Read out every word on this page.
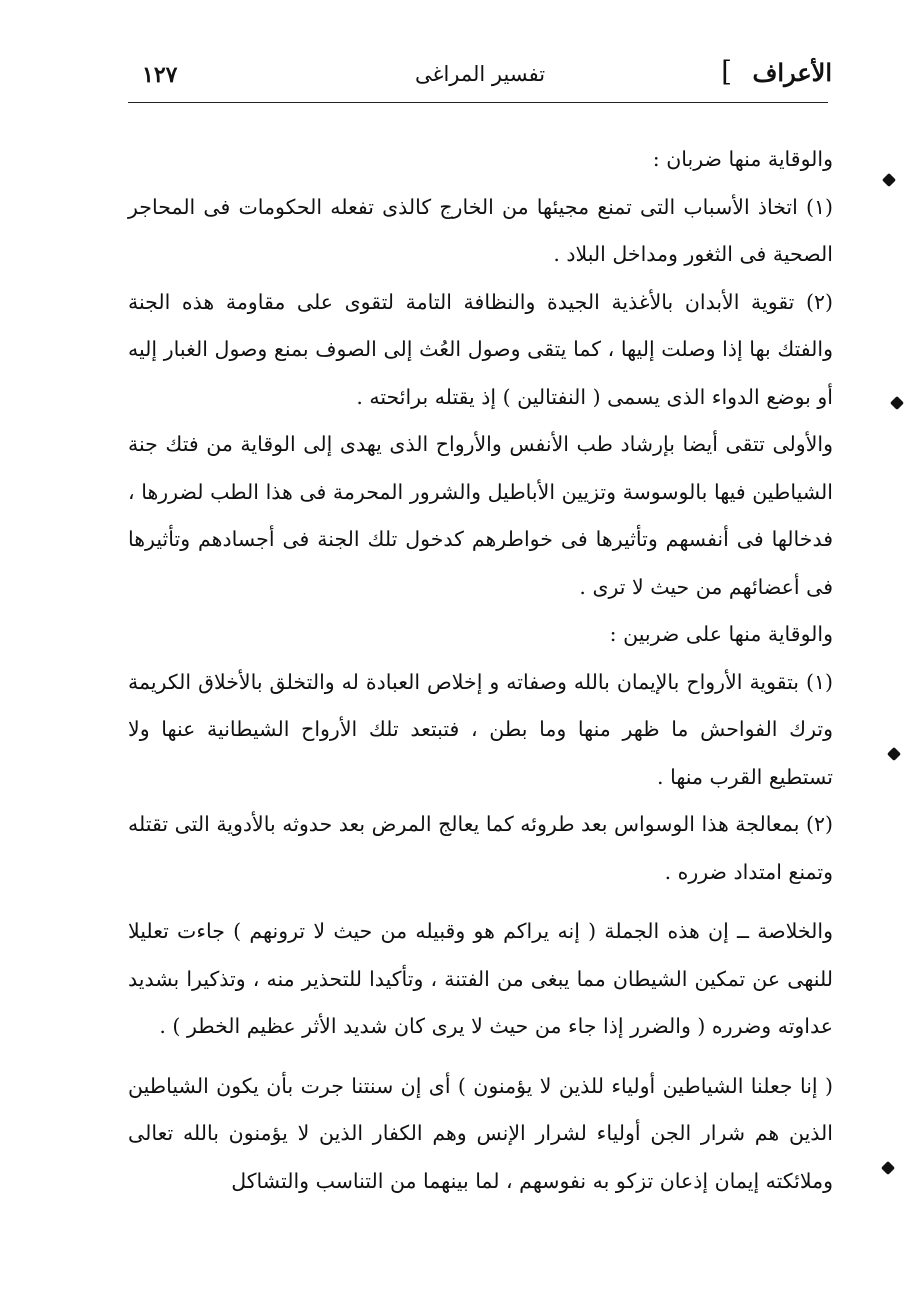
الأعراف
]
تفسير المراغى
١٢٧

والوقاية منها ضربان :

(١) اتخاذ الأسباب التى تمنع مجيئها من الخارج كالذى تفعله الحكومات فى المحاجر الصحية فى الثغور ومداخل البلاد .

(٢) تقوية الأبدان بالأغذية الجيدة والنظافة التامة لتقوى على مقاومة هذه الجنة والفتك بها إذا وصلت إليها ، كما يتقى وصول العُث إلى الصوف بمنع وصول الغبار إليه أو بوضع الدواء الذى يسمى ( النفتالين ) إذ يقتله برائحته .

والأولى تتقى أيضا بإرشاد طب الأنفس والأرواح الذى يهدى إلى الوقاية من فتك جنة الشياطين فيها بالوسوسة وتزيين الأباطيل والشرور المحرمة فى هذا الطب لضررها ، فدخالها فى أنفسهم وتأثيرها فى خواطرهم كدخول تلك الجنة فى أجسادهم وتأثيرها فى أعضائهم من حيث لا ترى .

والوقاية منها على ضربين :

(١) بتقوية الأرواح بالإيمان بالله وصفاته و إخلاص العبادة له والتخلق بالأخلاق الكريمة وترك الفواحش ما ظهر منها وما بطن ، فتبتعد تلك الأرواح الشيطانية عنها ولا تستطيع القرب منها .

(٢) بمعالجة هذا الوسواس بعد طروئه كما يعالج المرض بعد حدوثه بالأدوية التى تقتله وتمنع امتداد ضرره .

والخلاصة ــ إن هذه الجملة ( إنه يراكم هو وقبيله من حيث لا ترونهم ) جاءت تعليلا للنهى عن تمكين الشيطان مما يبغى من الفتنة ، وتأكيدا للتحذير منه ، وتذكيرا بشديد عداوته وضرره ( والضرر إذا جاء من حيث لا يرى كان شديد الأثر عظيم الخطر ) .

( إنا جعلنا الشياطين أولياء للذين لا يؤمنون ) أى إن سنتنا جرت بأن يكون الشياطين الذين هم شرار الجن أولياء لشرار الإنس وهم الكفار الذين لا يؤمنون بالله تعالى وملائكته إيمان إذعان تزكو به نفوسهم ، لما بينهما من التناسب والتشاكل
